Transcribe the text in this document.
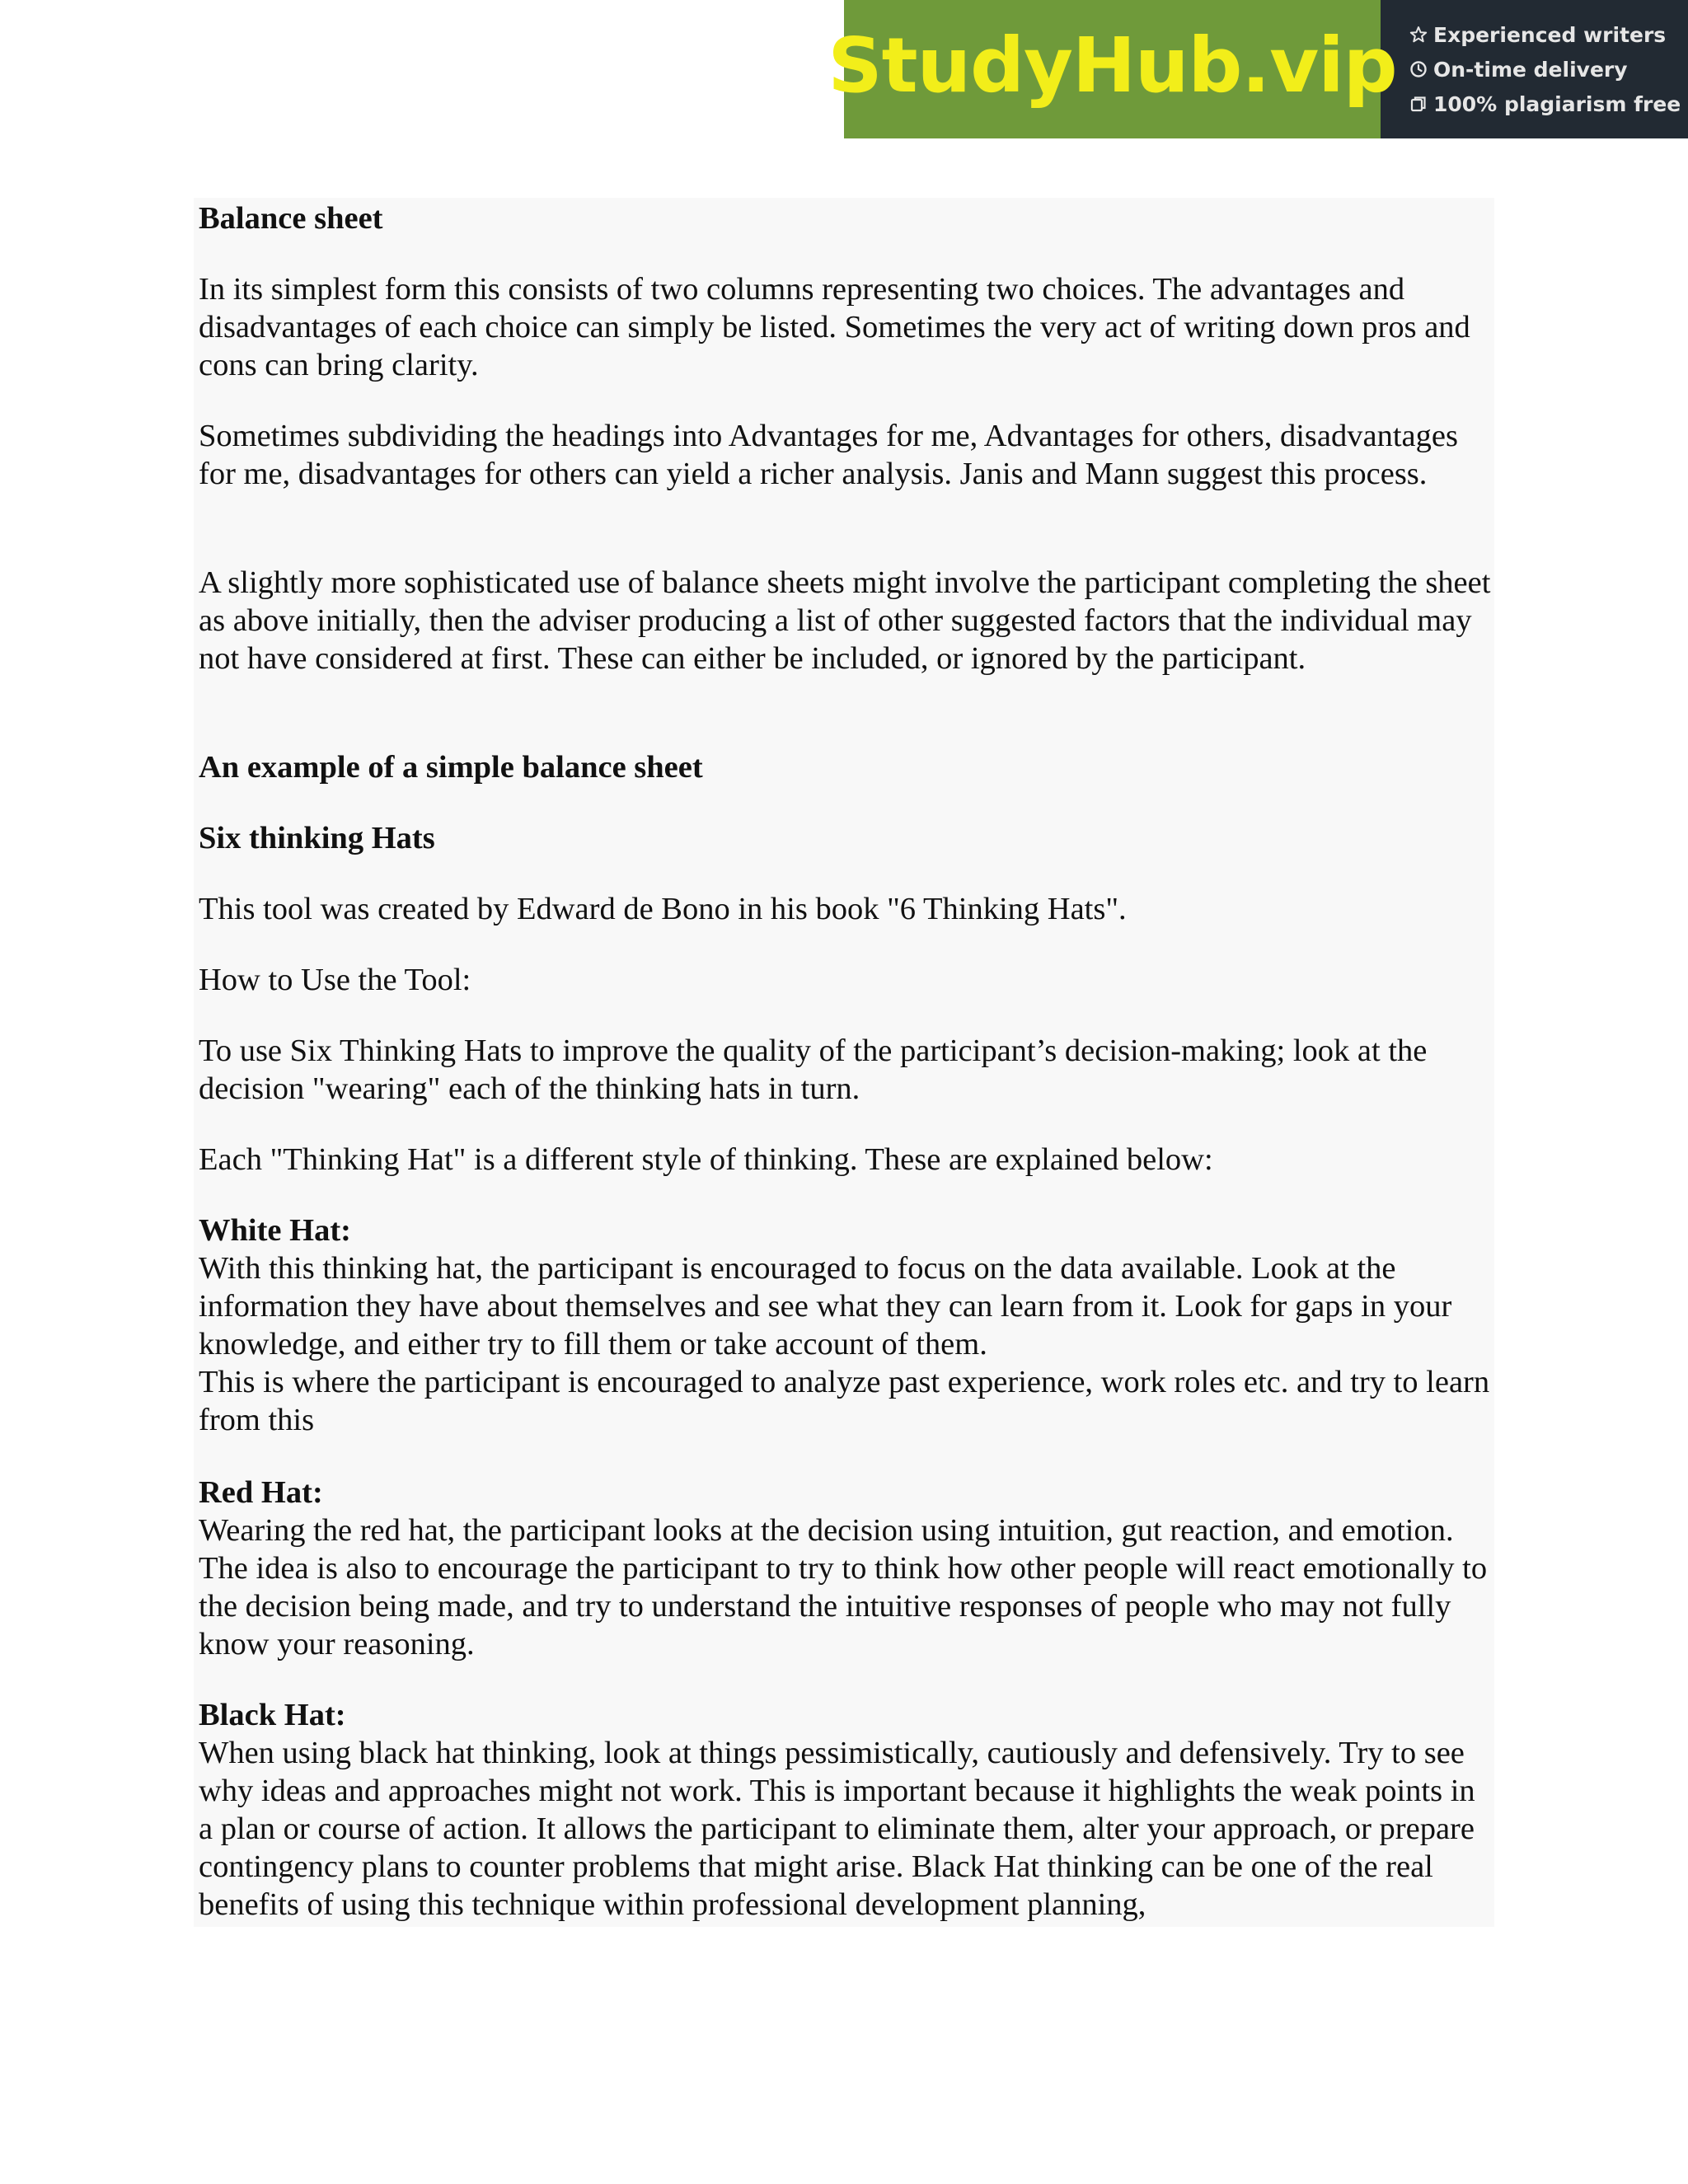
StudyHub.vip Experienced writers
On-time delivery
100% plagiarism free
Balance sheet

In its simplest form this consists of two columns representing two choices. The advantages and disadvantages of each choice can simply be listed. Sometimes the very act of writing down pros and cons can bring clarity.

Sometimes subdividing the headings into Advantages for me, Advantages for others, disadvantages for me, disadvantages for others can yield a richer analysis. Janis and Mann suggest this process.

A slightly more sophisticated use of balance sheets might involve the participant completing the sheet as above initially, then the adviser producing a list of other suggested factors that the individual may not have considered at first. These can either be included, or ignored by the participant.

An example of a simple balance sheet
Six thinking Hats
This tool was created by Edward de Bono in his book "6 Thinking Hats".
How to Use the Tool:

To use Six Thinking Hats to improve the quality of the participant’s decision-making; look at the decision "wearing" each of the thinking hats in turn.

Each "Thinking Hat" is a different style of thinking. These are explained below:

White Hat:

With this thinking hat, the participant is encouraged to focus on the data available. Look at the information they have about themselves and see what they can learn from it. Look for gaps in your knowledge, and either try to fill them or take account of them.

This is where the participant is encouraged to analyze past experience, work roles etc. and try to learn from this

Red Hat:

Wearing the red hat, the participant looks at the decision using intuition, gut reaction, and emotion. The idea is also to encourage the participant to try to think how other people will react emotionally to the decision being made, and try to understand the intuitive responses of people who may not fully know your reasoning.

Black Hat:

When using black hat thinking, look at things pessimistically, cautiously and defensively. Try to see why ideas and approaches might not work. This is important because it highlights the weak points in a plan or course of action. It allows the participant to eliminate them, alter your approach, or prepare contingency plans to counter problems that might arise. Black Hat thinking can be one of the real benefits of using this technique within professional development planning,
